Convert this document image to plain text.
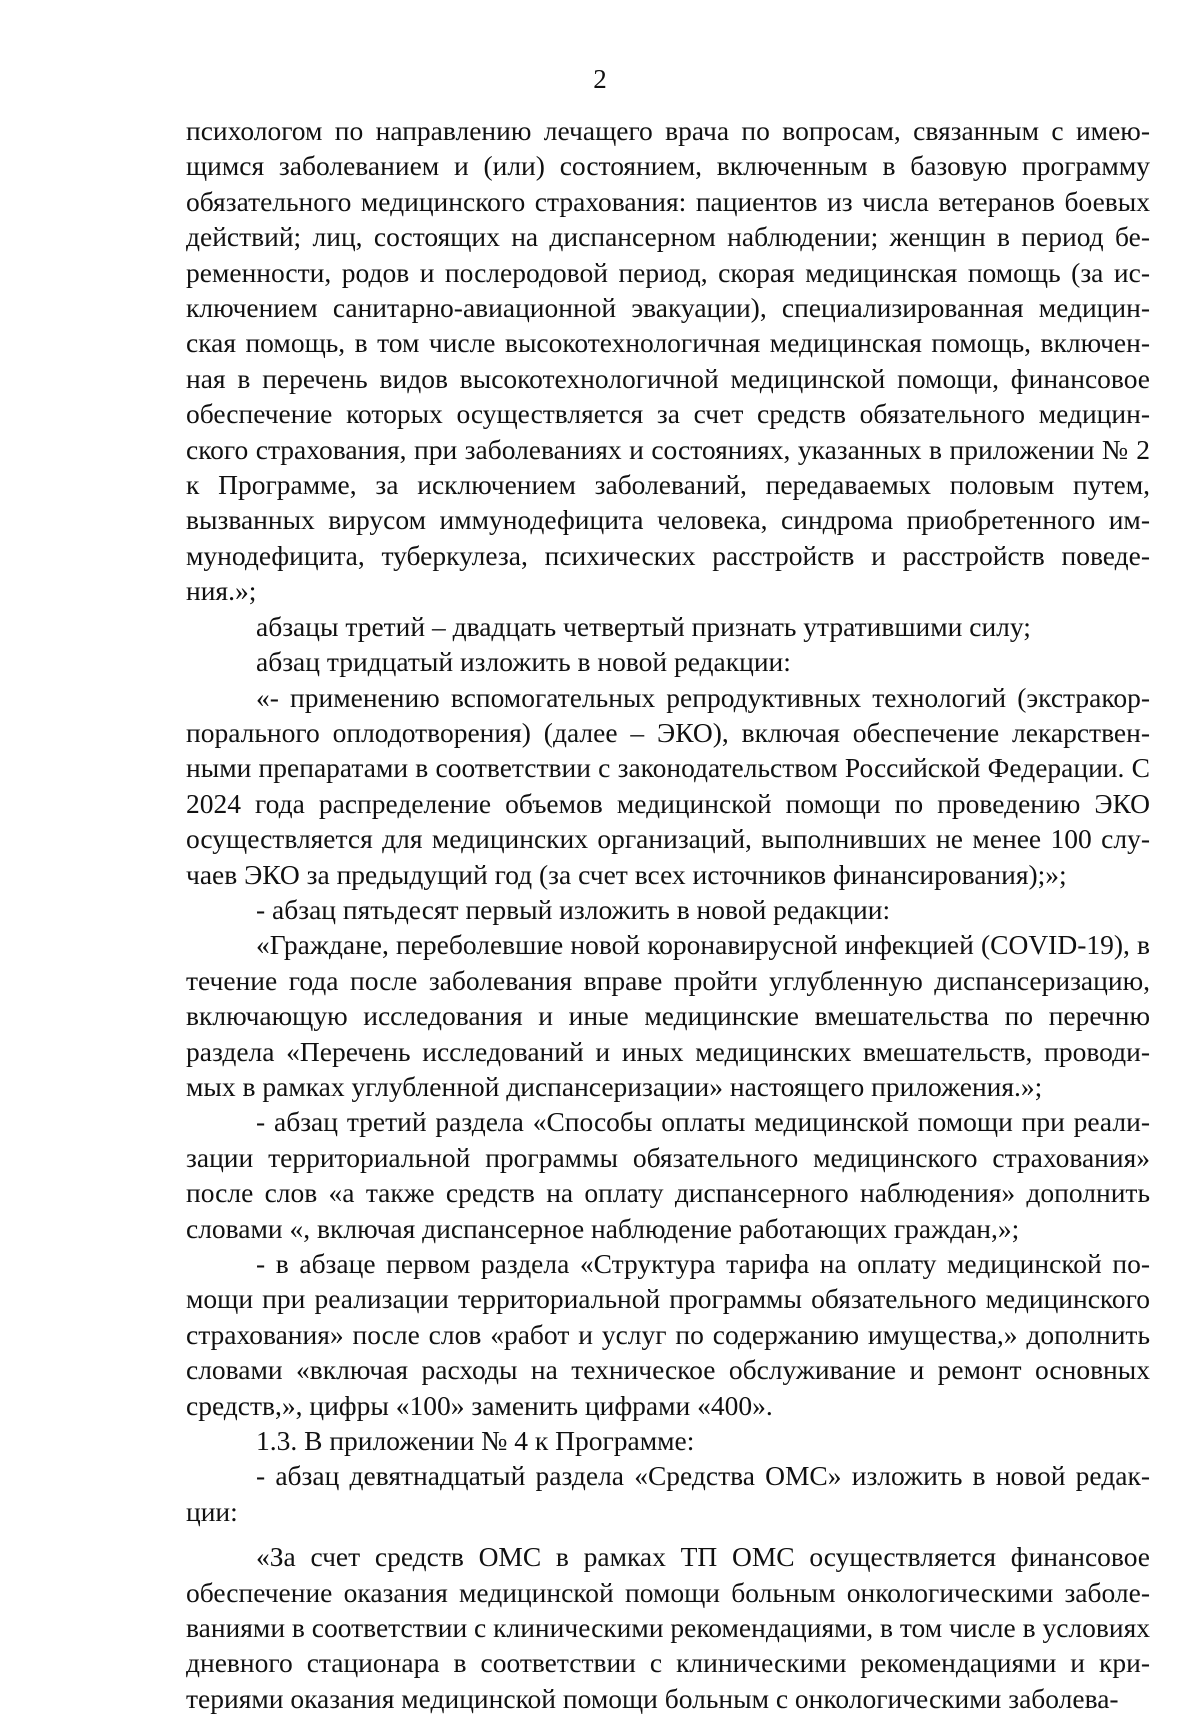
2

психологом по направлению лечащего врача по вопросам, связанным с имеющимся заболеванием и (или) состоянием, включенным в базовую программу обязательного медицинского страхования: пациентов из числа ветеранов боевых действий; лиц, состоящих на диспансерном наблюдении; женщин в период беременности, родов и послеродовой период, скорая медицинская помощь (за исключением санитарно-авиационной эвакуации), специализированная медицинская помощь, в том числе высокотехнологичная медицинская помощь, включенная в перечень видов высокотехнологичной медицинской помощи, финансовое обеспечение которых осуществляется за счет средств обязательного медицинского страхования, при заболеваниях и состояниях, указанных в приложении № 2 к Программе, за исключением заболеваний, передаваемых половым путем, вызванных вирусом иммунодефицита человека, синдрома приобретенного иммунодефицита, туберкулеза, психических расстройств и расстройств поведения.»;

абзацы третий – двадцать четвертый признать утратившими силу;

абзац тридцатый изложить в новой редакции:

«- применению вспомогательных репродуктивных технологий (экстракорпорального оплодотворения) (далее – ЭКО), включая обеспечение лекарственными препаратами в соответствии с законодательством Российской Федерации. С 2024 года распределение объемов медицинской помощи по проведению ЭКО осуществляется для медицинских организаций, выполнивших не менее 100 случаев ЭКО за предыдущий год (за счет всех источников финансирования);»;

- абзац пятьдесят первый изложить в новой редакции:

«Граждане, переболевшие новой коронавирусной инфекцией (COVID-19), в течение года после заболевания вправе пройти углубленную диспансеризацию, включающую исследования и иные медицинские вмешательства по перечню раздела «Перечень исследований и иных медицинских вмешательств, проводимых в рамках углубленной диспансеризации» настоящего приложения.»;

- абзац третий раздела «Способы оплаты медицинской помощи при реализации территориальной программы обязательного медицинского страхования» после слов «а также средств на оплату диспансерного наблюдения» дополнить словами «, включая диспансерное наблюдение работающих граждан,»;

- в абзаце первом раздела «Структура тарифа на оплату медицинской помощи при реализации территориальной программы обязательного медицинского страхования» после слов «работ и услуг по содержанию имущества,» дополнить словами «включая расходы на техническое обслуживание и ремонт основных средств,», цифры «100» заменить цифрами «400».

1.3. В приложении № 4 к Программе:

- абзац девятнадцатый раздела «Средства ОМС» изложить в новой редакции:

«За счет средств ОМС в рамках ТП ОМС осуществляется финансовое обеспечение оказания медицинской помощи больным онкологическими заболеваниями в соответствии с клиническими рекомендациями, в том числе в условиях дневного стационара в соответствии с клиническими рекомендациями и критериями оказания медицинской помощи больным с онкологическими заболева-
